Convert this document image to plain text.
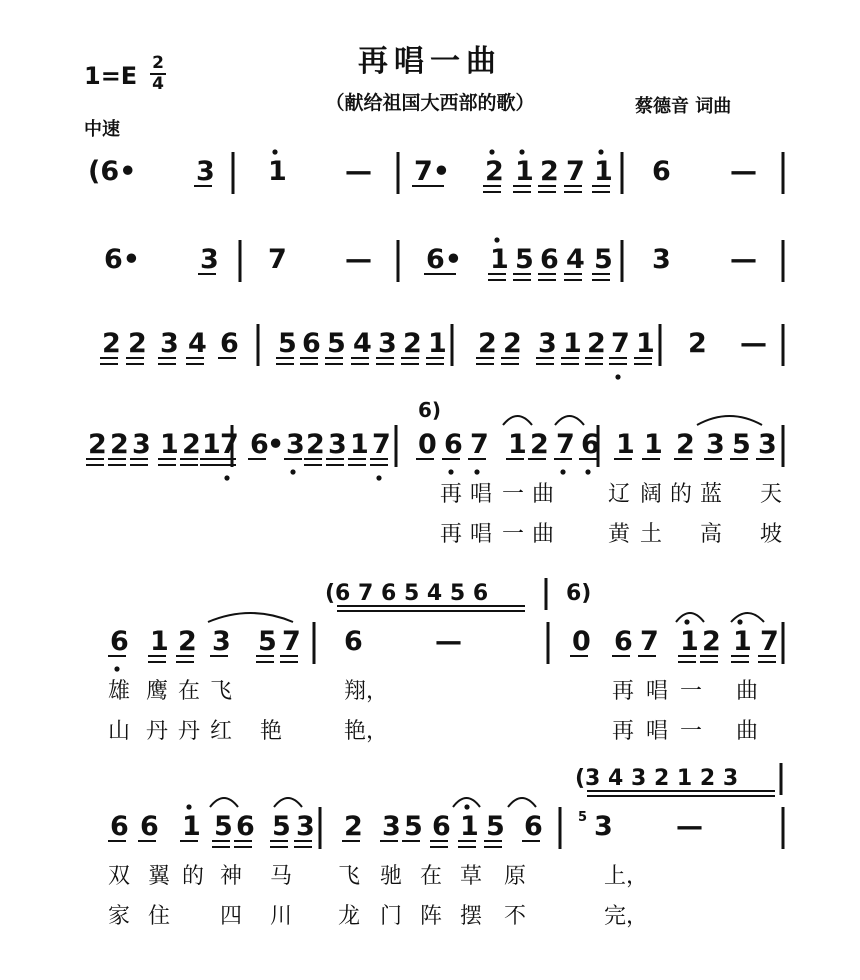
再唱一曲
（献给祖国大西部的歌）
1=E 2
4
中速
蔡德音 词曲
(6• 3 1 — 7• 2 1 2 7 1 6 —
6• 3 7 — 6• 1 5 6 4 5 3 —
2 2 3 4 6 5 6 5 4 3 2 1 2 2 3 1 2 7 1 2 —
2 2 3 1 2 1 7 6
• 3 2 3 1 7 0 6 7 1 2 7 6 1 1 2 3 5 3
6)
再 唱 一 曲 辽 阔 的 蓝 天
再 唱 一 曲 黄 土 高 坡
6 1 2 3 5 7 6	—	0 6 7 1 2 1 7
(6 7 6 5 4 5 6	6)
雄 鹰 在 飞	翔，	再 唱 一 曲
山 丹 丹 红 艳	艳，	再 唱 一 曲
6 6 1 5 6 5 3 2 3 5 6 1 5 6 3 —
(3 4 3 2 1 2 3
5
双 翼 的 神 马 飞 驰 在 草 原	上，
家 住 四 川 龙 门 阵 摆 不	完，
